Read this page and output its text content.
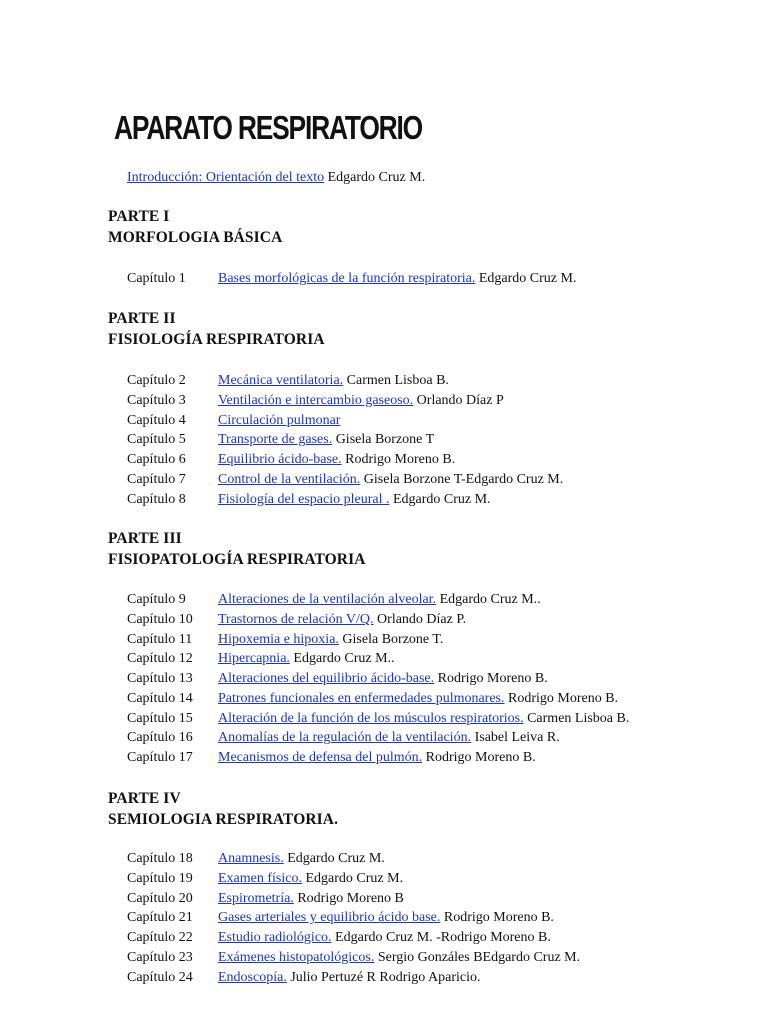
APARATO RESPIRATORIO
Introducción: Orientación del texto Edgardo Cruz M.
PARTE I
MORFOLOGIA BÁSICA
Capítulo 1 Bases morfológicas de la función respiratoria. Edgardo Cruz M.
PARTE II
FISIOLOGÍA RESPIRATORIA
Capítulo 2 Mecánica ventilatoria. Carmen Lisboa B.
Capítulo 3 Ventilación e intercambio gaseoso. Orlando Díaz P
Capítulo 4 Circulación pulmonar
Capítulo 5 Transporte de gases. Gisela Borzone T
Capítulo 6 Equilibrio ácido-base. Rodrigo Moreno B.
Capítulo 7 Control de la ventilación. Gisela Borzone T-Edgardo Cruz M.
Capítulo 8 Fisiología del espacio pleural . Edgardo Cruz M.
PARTE III
FISIOPATOLOGÍA RESPIRATORIA
Capítulo 9 Alteraciones de la ventilación alveolar. Edgardo Cruz M..
Capítulo 10 Trastornos de relación V/Q. Orlando Díaz P.
Capítulo 11 Hipoxemia e hipoxia. Gisela Borzone T.
Capítulo 12 Hipercapnia. Edgardo Cruz M..
Capítulo 13 Alteraciones del equilibrio ácido-base. Rodrigo Moreno B.
Capítulo 14 Patrones funcionales en enfermedades pulmonares. Rodrigo Moreno B.
Capítulo 15 Alteración de la función de los músculos respiratorios. Carmen Lisboa B.
Capítulo 16 Anomalías de la regulación de la ventilación. Isabel Leiva R.
Capítulo 17 Mecanismos de defensa del pulmón. Rodrigo Moreno B.
PARTE IV
SEMIOLOGIA RESPIRATORIA.
Capítulo 18 Anamnesis. Edgardo Cruz M.
Capítulo 19 Examen físico. Edgardo Cruz M.
Capítulo 20 Espirometría. Rodrigo Moreno B
Capítulo 21 Gases arteriales y equilibrio ácido base. Rodrigo Moreno B.
Capítulo 22 Estudio radiológico. Edgardo Cruz M. -Rodrigo Moreno B.
Capítulo 23 Exámenes histopatológicos. Sergio Gonzáles BEdgardo Cruz M.
Capítulo 24 Endoscopía. Julio Pertuzé R Rodrigo Aparicio.
